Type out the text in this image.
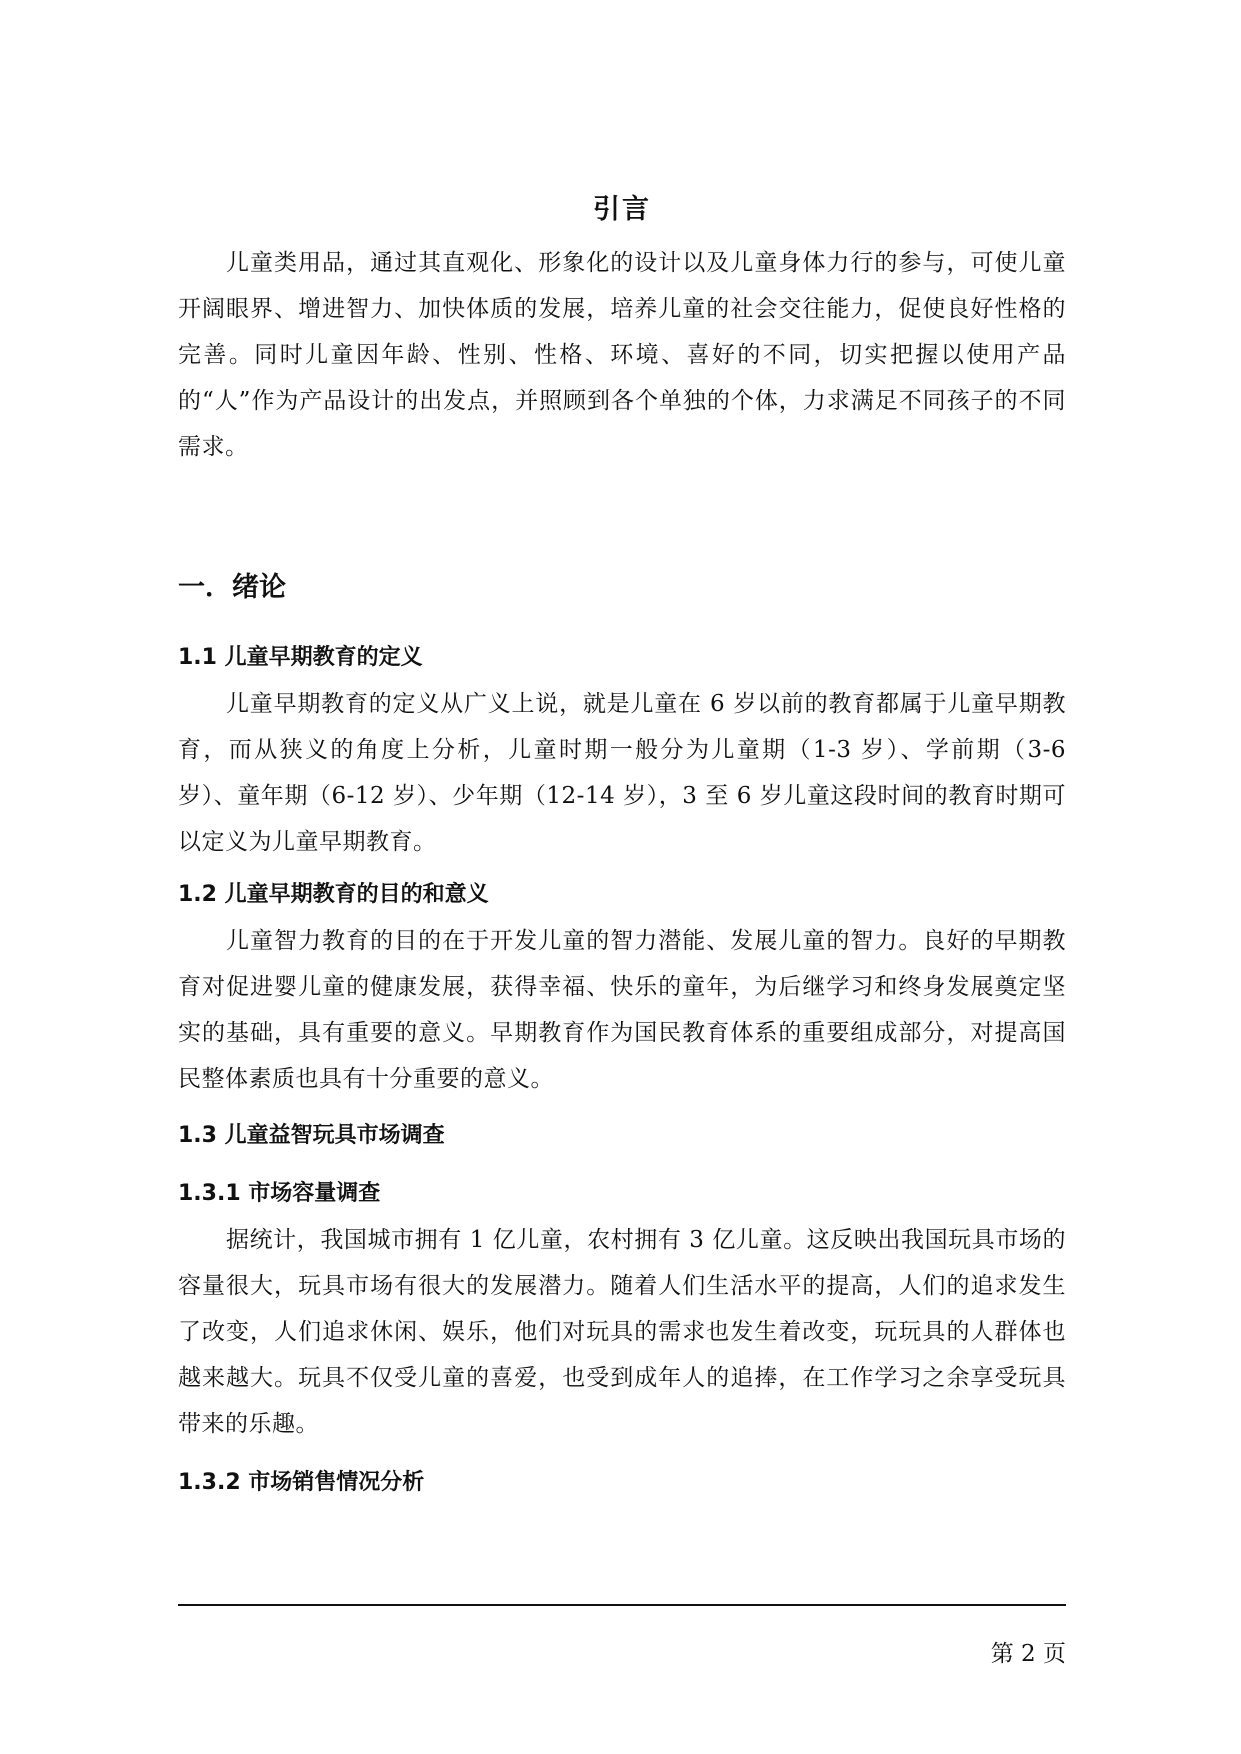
引言

儿童类用品，通过其直观化、形象化的设计以及儿童身体力行的参与，可使儿童开阔眼界、增进智力、加快体质的发展，培养儿童的社会交往能力，促使良好性格的完善。同时儿童因年龄、性别、性格、环境、喜好的不同，切实把握以使用产品的“人”作为产品设计的出发点，并照顾到各个单独的个体，力求满足不同孩子的不同需求。

一．绪论
1.1 儿童早期教育的定义

儿童早期教育的定义从广义上说，就是儿童在 6 岁以前的教育都属于儿童早期教育，而从狭义的角度上分析，儿童时期一般分为儿童期（1-3 岁）、学前期（3-6 岁）、童年期（6-12 岁）、少年期（12-14 岁），3 至 6 岁儿童这段时间的教育时期可以定义为儿童早期教育。

1.2 儿童早期教育的目的和意义

儿童智力教育的目的在于开发儿童的智力潜能、发展儿童的智力。良好的早期教育对促进婴儿童的健康发展，获得幸福、快乐的童年，为后继学习和终身发展奠定坚实的基础，具有重要的意义。早期教育作为国民教育体系的重要组成部分，对提高国民整体素质也具有十分重要的意义。

1.3 儿童益智玩具市场调查
1.3.1 市场容量调查

据统计，我国城市拥有 1 亿儿童，农村拥有 3 亿儿童。这反映出我国玩具市场的容量很大，玩具市场有很大的发展潜力。随着人们生活水平的提高，人们的追求发生了改变，人们追求休闲、娱乐，他们对玩具的需求也发生着改变，玩玩具的人群体也越来越大。玩具不仅受儿童的喜爱，也受到成年人的追捧，在工作学习之余享受玩具带来的乐趣。

1.3.2 市场销售情况分析
第 2 页
